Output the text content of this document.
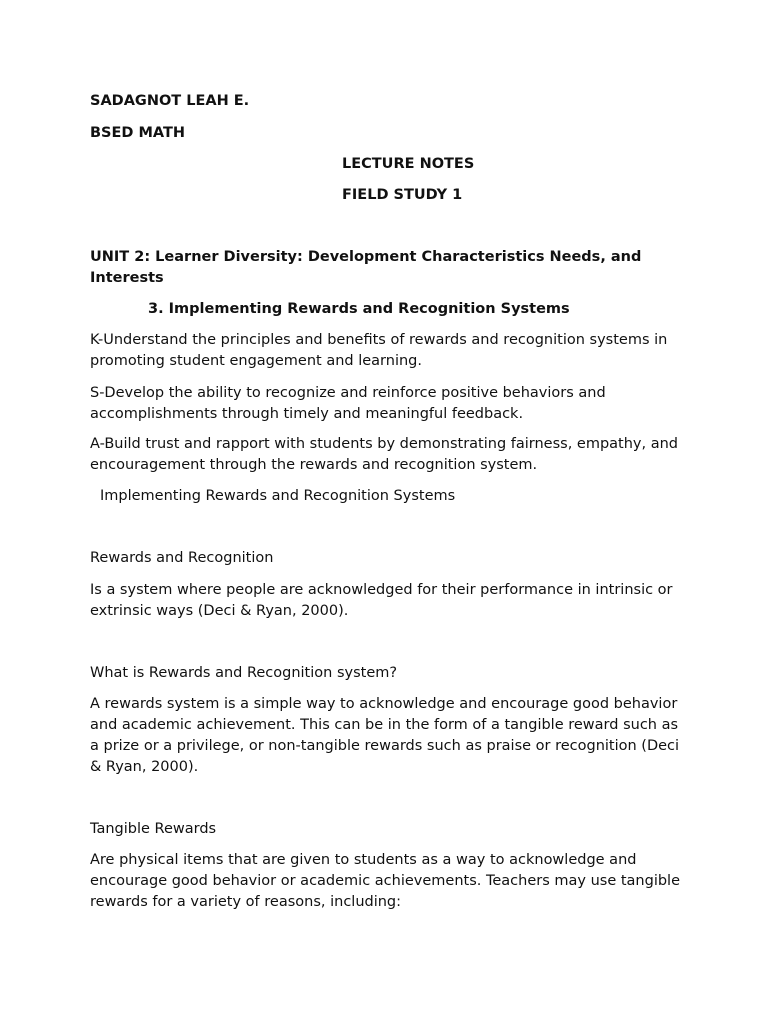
SADAGNOT LEAH E.

BSED MATH

LECTURE NOTES

FIELD STUDY 1

UNIT 2: Learner Diversity: Development Characteristics Needs, and Interests

3. Implementing Rewards and Recognition Systems

K-Understand the principles and benefits of rewards and recognition systems in promoting student engagement and learning.

S-Develop the ability to recognize and reinforce positive behaviors and accomplishments through timely and meaningful feedback.

A-Build trust and rapport with students by demonstrating fairness, empathy, and encouragement through the rewards and recognition system.

Implementing Rewards and Recognition Systems

Rewards and Recognition

Is a system where people are acknowledged for their performance in intrinsic or extrinsic ways (Deci & Ryan, 2000).

What is Rewards and Recognition system?

A rewards system is a simple way to acknowledge and encourage good behavior and academic achievement. This can be in the form of a tangible reward such as a prize or a privilege, or non-tangible rewards such as praise or recognition (Deci & Ryan, 2000).

Tangible Rewards

Are physical items that are given to students as a way to acknowledge and encourage good behavior or academic achievements. Teachers may use tangible rewards for a variety of reasons, including:
